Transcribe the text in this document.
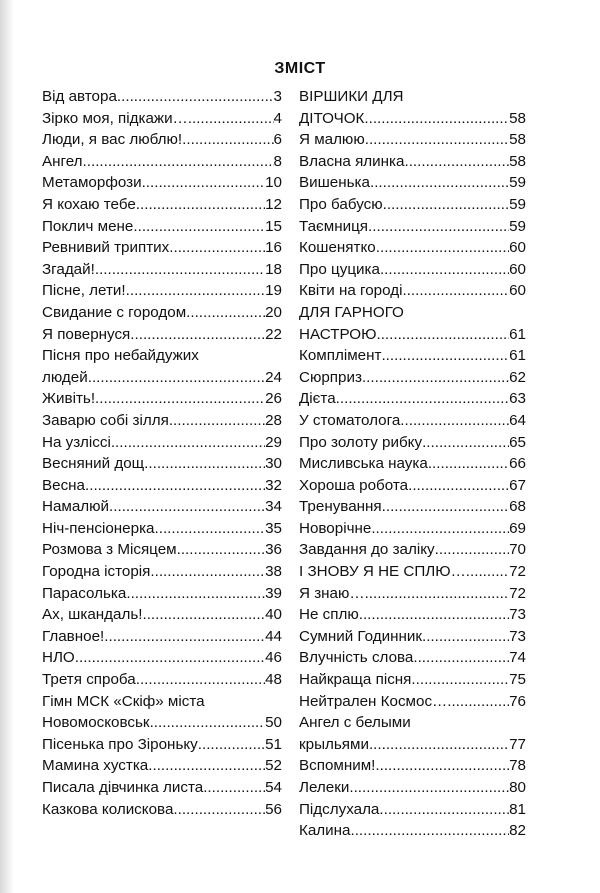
ЗМІСТ
Від автора .....	3
Зірко моя, підкажи… .....	4
Люди, я вас люблю! .....	6
Ангел .....	8
Метаморфози .....	10
Я кохаю тебе .....	12
Поклич мене .....	15
Ревнивий триптих .....	16
Згадай! .....	18
Пісне, лети! .....	19
Свидание с городом .....	20
Я повернуся .....	22
Пісня про небайдужих
людей .....	24
Живіть! .....	26
Заварю собі зілля .....	28
На узліссі .....	29
Весняний дощ .....	30
Весна .....	32
Намалюй .....	34
Ніч-пенсіонерка .....	35
Розмова з Місяцем .....	36
Городна історія .....	38
Парасолька .....	39
Ах, шкандаль! .....	40
Главное! .....	44
НЛО .....	46
Третя спроба .....	48
Гімн МСК «Скіф» міста
Новомосковськ .....	50
Пісенька про Зіроньку .....	51
Мамина хустка .....	52
Писала дівчинка листа .....	54
Казкова колискова .....	56
ВІРШИКИ ДЛЯ
ДІТОЧОК .....	58
Я малюю .....	58
Власна ялинка .....	58
Вишенька .....	59
Про бабусю .....	59
Таємниця .....	59
Кошенятко .....	60
Про цуцика .....	60
Квіти на городі .....	60
ДЛЯ ГАРНОГО
НАСТРОЮ .....	61
Комплімент .....	61
Сюрприз .....	62
Дієта .....	63
У стоматолога .....	64
Про золоту рибку .....	65
Мисливська наука .....	66
Хороша робота .....	67
Тренування .....	68
Новорічне .....	69
Завдання до заліку .....	70
І ЗНОВУ Я НЕ СПЛЮ… .....	72
Я знаю… .....	72
Не сплю .....	73
Сумний Годинник .....	73
Влучність слова .....	74
Найкраща пісня .....	75
Нейтрален Космос… .....	76
Ангел с белыми
крыльями .....	77
Вспомним! .....	78
Лелеки .....	80
Підслухала .....	81
Калина .....	82
